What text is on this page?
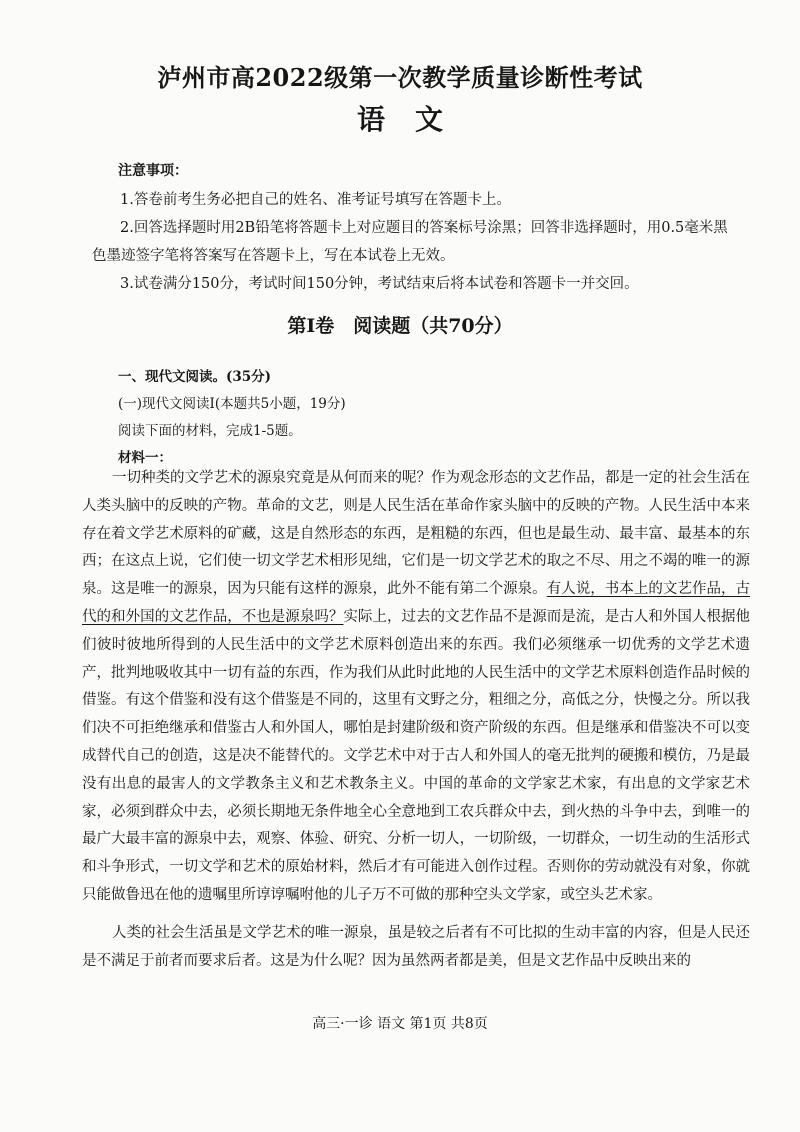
泸州市高2022级第一次教学质量诊断性考试
语文
注意事项：
1.答卷前考生务必把自己的姓名、准考证号填写在答题卡上。
2.回答选择题时用2B铅笔将答题卡上对应题目的答案标号涂黑；回答非选择题时，用0.5毫米黑色墨迹签字笔将答案写在答题卡上，写在本试卷上无效。
3.试卷满分150分，考试时间150分钟，考试结束后将本试卷和答题卡一并交回。
第Ⅰ卷　阅读题（共70分）
一、现代文阅读。(35分)
(一)现代文阅读Ⅰ(本题共5小题，19分)
阅读下面的材料，完成1-5题。
材料一：

一切种类的文学艺术的源泉究竟是从何而来的呢？作为观念形态的文艺作品，都是一定的社会生活在人类头脑中的反映的产物。革命的文艺，则是人民生活在革命作家头脑中的反映的产物。人民生活中本来存在着文学艺术原料的矿藏，这是自然形态的东西，是粗糙的东西，但也是最生动、最丰富、最基本的东西；在这点上说，它们使一切文学艺术相形见绌，它们是一切文学艺术的取之不尽、用之不竭的唯一的源泉。这是唯一的源泉，因为只能有这样的源泉，此外不能有第二个源泉。有人说，书本上的文艺作品，古代的和外国的文艺作品，不也是源泉吗？实际上，过去的文艺作品不是源而是流，是古人和外国人根据他们彼时彼地所得到的人民生活中的文学艺术原料创造出来的东西。我们必须继承一切优秀的文学艺术遗产，批判地吸收其中一切有益的东西，作为我们从此时此地的人民生活中的文学艺术原料创造作品时候的借鉴。有这个借鉴和没有这个借鉴是不同的，这里有文野之分，粗细之分，高低之分，快慢之分。所以我们决不可拒绝继承和借鉴古人和外国人，哪怕是封建阶级和资产阶级的东西。但是继承和借鉴决不可以变成替代自己的创造，这是决不能替代的。文学艺术中对于古人和外国人的毫无批判的硬搬和模仿，乃是最没有出息的最害人的文学教条主义和艺术教条主义。中国的革命的文学家艺术家，有出息的文学家艺术家，必须到群众中去，必须长期地无条件地全心全意地到工农兵群众中去，到火热的斗争中去，到唯一的最广大最丰富的源泉中去，观察、体验、研究、分析一切人，一切阶级，一切群众，一切生动的生活形式和斗争形式，一切文学和艺术的原始材料，然后才有可能进入创作过程。否则你的劳动就没有对象，你就只能做鲁迅在他的遗嘱里所谆谆嘱咐他的儿子万不可做的那种空头文学家，或空头艺术家。

人类的社会生活虽是文学艺术的唯一源泉，虽是较之后者有不可比拟的生动丰富的内容，但是人民还是不满足于前者而要求后者。这是为什么呢？因为虽然两者都是美，但是文艺作品中反映出来的

高三·一诊 语文 第1页 共8页
